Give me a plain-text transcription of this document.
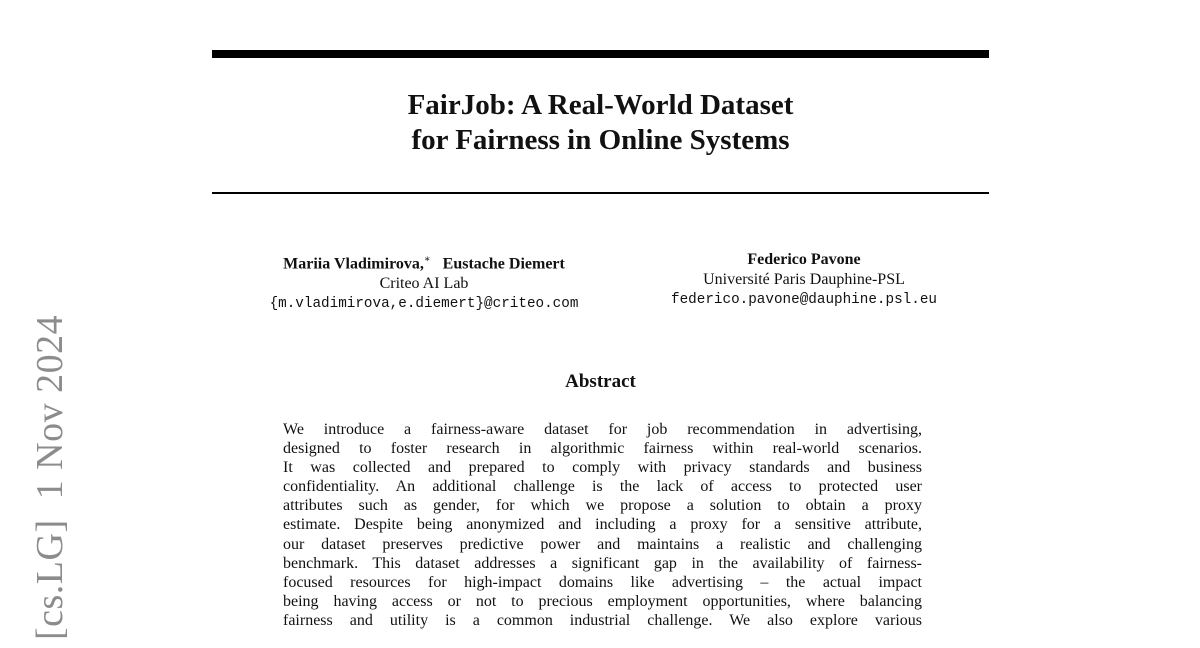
[cs.LG]1 Nov 2024
FairJob: A Real-World Dataset
for Fairness in Online Systems
Mariia Vladimirova,∗ Eustache Diemert
Criteo AI Lab
{m.vladimirova,e.diemert}@criteo.com
Federico Pavone
Université Paris Dauphine-PSL
federico.pavone@dauphine.psl.eu
Abstract
We introduce a fairness-aware dataset for job recommendation in advertising,
designed to foster research in algorithmic fairness within real-world scenarios.
It was collected and prepared to comply with privacy standards and business
confidentiality. An additional challenge is the lack of access to protected user
attributes such as gender, for which we propose a solution to obtain a proxy
estimate. Despite being anonymized and including a proxy for a sensitive attribute,
our dataset preserves predictive power and maintains a realistic and challenging
benchmark. This dataset addresses a significant gap in the availability of fairness-
focused resources for high-impact domains like advertising – the actual impact
being having access or not to precious employment opportunities, where balancing
fairness and utility is a common industrial challenge. We also explore various
